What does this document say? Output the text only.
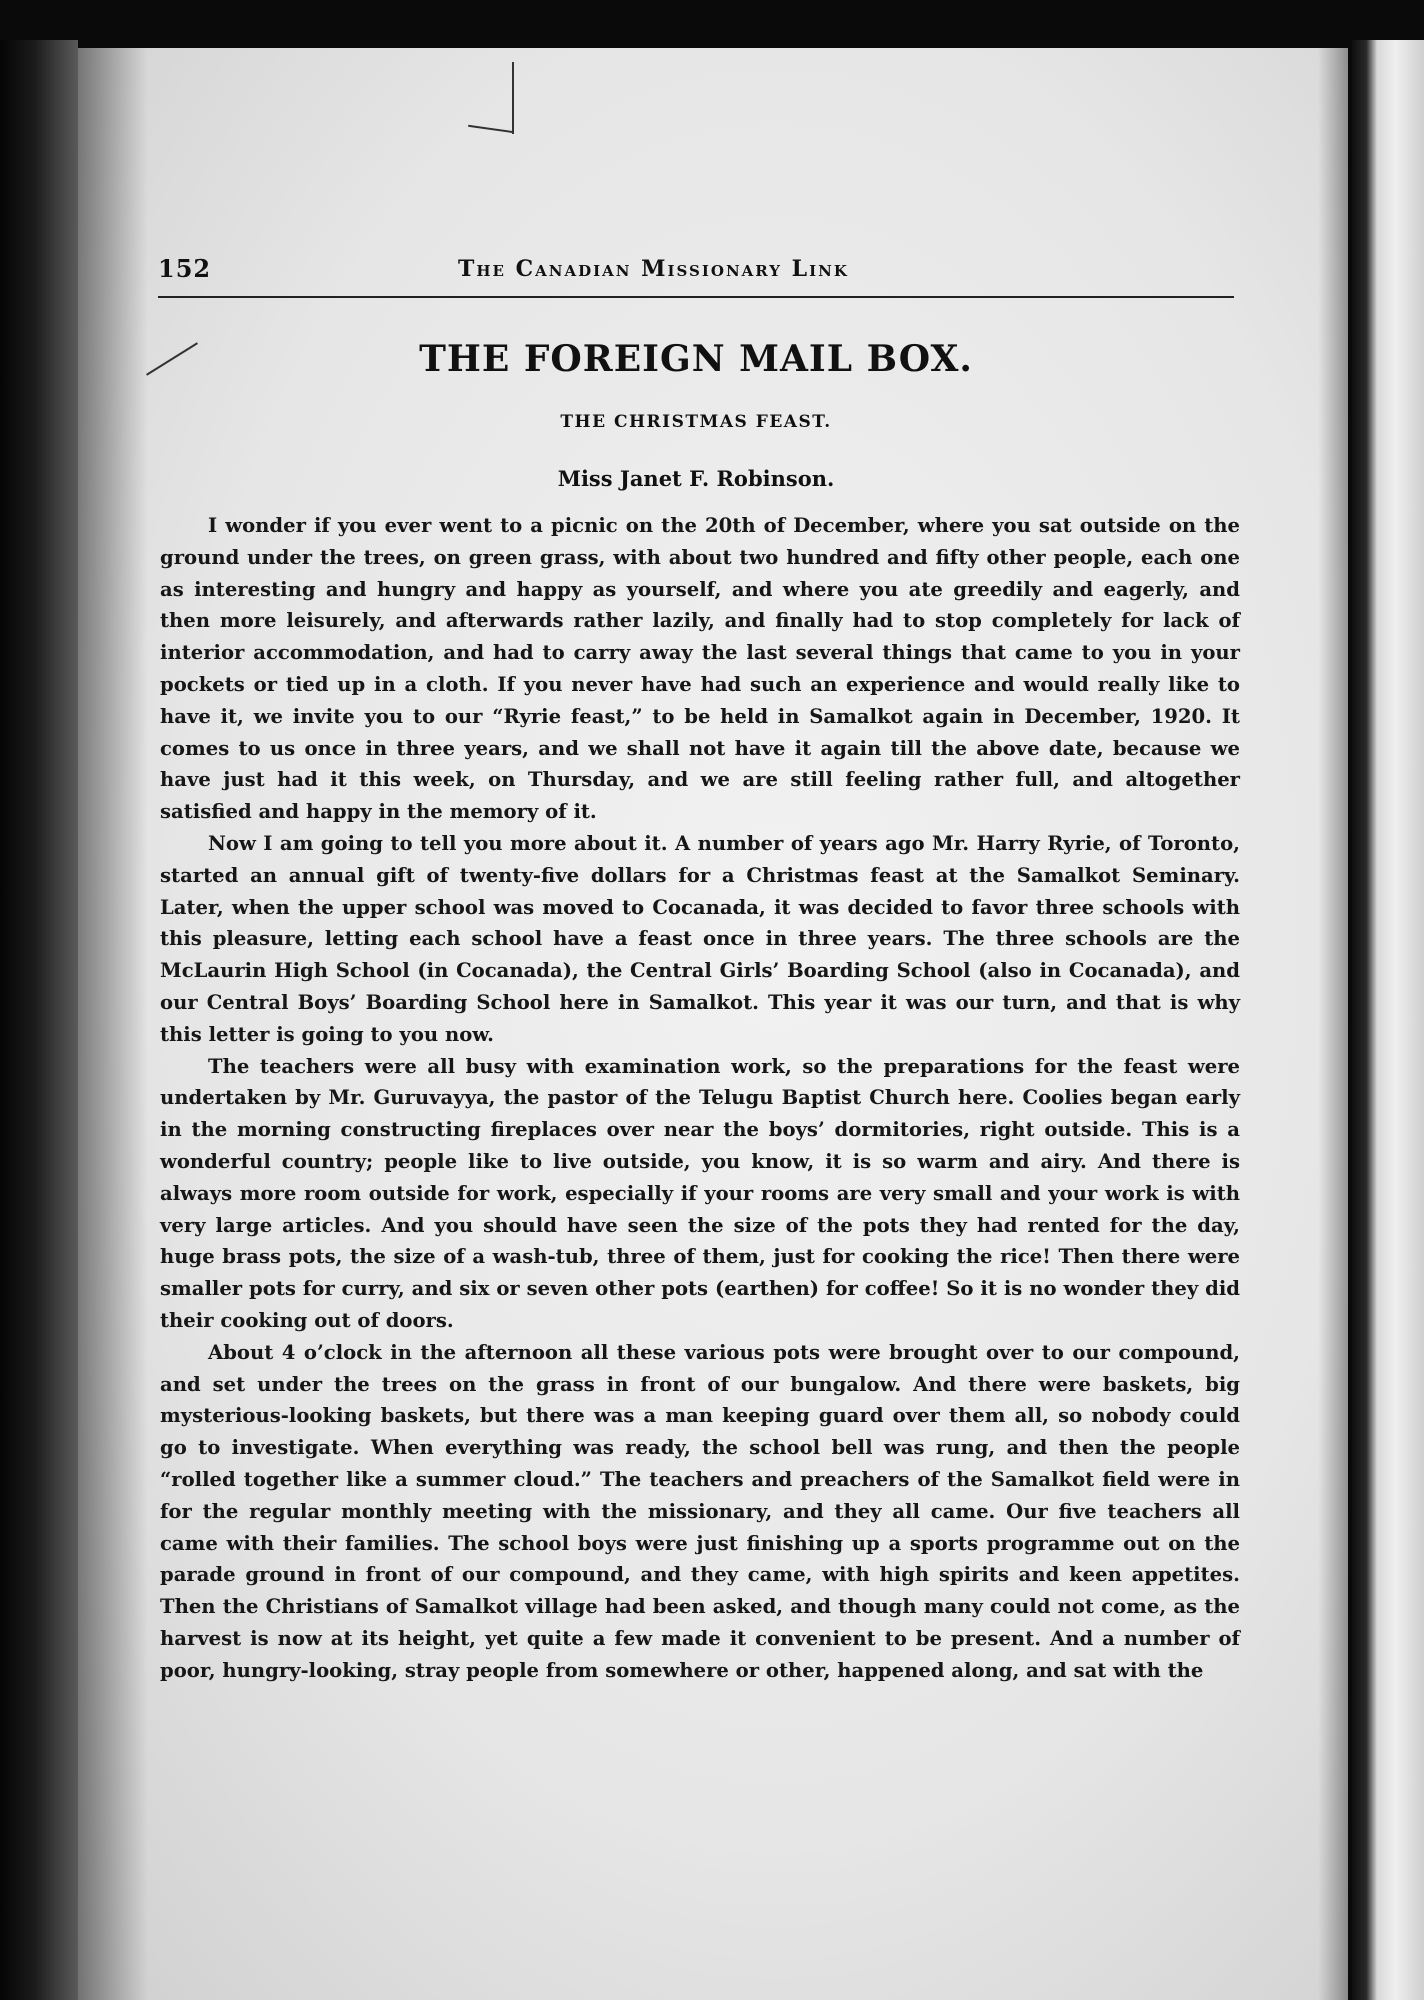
152	The Canadian Missionary Link
THE FOREIGN MAIL BOX.
THE CHRISTMAS FEAST.
Miss Janet F. Robinson.

I wonder if you ever went to a picnic on the 20th of December, where you sat outside on the ground under the trees, on green grass, with about two hundred and fifty other people, each one as interesting and hungry and happy as yourself, and where you ate greedily and eagerly, and then more leisurely, and afterwards rather lazily, and finally had to stop completely for lack of interior accommodation, and had to carry away the last several things that came to you in your pockets or tied up in a cloth. If you never have had such an experience and would really like to have it, we invite you to our “Ryrie feast,” to be held in Samalkot again in December, 1920. It comes to us once in three years, and we shall not have it again till the above date, because we have just had it this week, on Thursday, and we are still feeling rather full, and altogether satisfied and happy in the memory of it.

Now I am going to tell you more about it. A number of years ago Mr. Harry Ryrie, of Toronto, started an annual gift of twenty-five dollars for a Christmas feast at the Samalkot Seminary. Later, when the upper school was moved to Cocanada, it was decided to favor three schools with this pleasure, letting each school have a feast once in three years. The three schools are the McLaurin High School (in Cocanada), the Central Girls’ Boarding School (also in Cocanada), and our Central Boys’ Boarding School here in Samalkot. This year it was our turn, and that is why this letter is going to you now.

The teachers were all busy with examination work, so the preparations for the feast were undertaken by Mr. Guruvayya, the pastor of the Telugu Baptist Church here. Coolies began early in the morning constructing fireplaces over near the boys’ dormitories, right outside. This is a wonderful country; people like to live outside, you know, it is so warm and airy. And there is always more room outside for work, especially if your rooms are very small and your work is with very large articles. And you should have seen the size of the pots they had rented for the day, huge brass pots, the size of a wash-tub, three of them, just for cooking the rice! Then there were smaller pots for curry, and six or seven other pots (earthen) for coffee! So it is no wonder they did their cooking out of doors.

About 4 o’clock in the afternoon all these various pots were brought over to our compound, and set under the trees on the grass in front of our bungalow. And there were baskets, big mysterious-looking baskets, but there was a man keeping guard over them all, so nobody could go to investigate. When everything was ready, the school bell was rung, and then the people “rolled together like a summer cloud.” The teachers and preachers of the Samalkot field were in for the regular monthly meeting with the missionary, and they all came. Our five teachers all came with their families. The school boys were just finishing up a sports programme out on the parade ground in front of our compound, and they came, with high spirits and keen appetites. Then the Christians of Samalkot village had been asked, and though many could not come, as the harvest is now at its height, yet quite a few made it convenient to be present. And a number of poor, hungry-looking, stray people from somewhere or other, happened along, and sat with the
